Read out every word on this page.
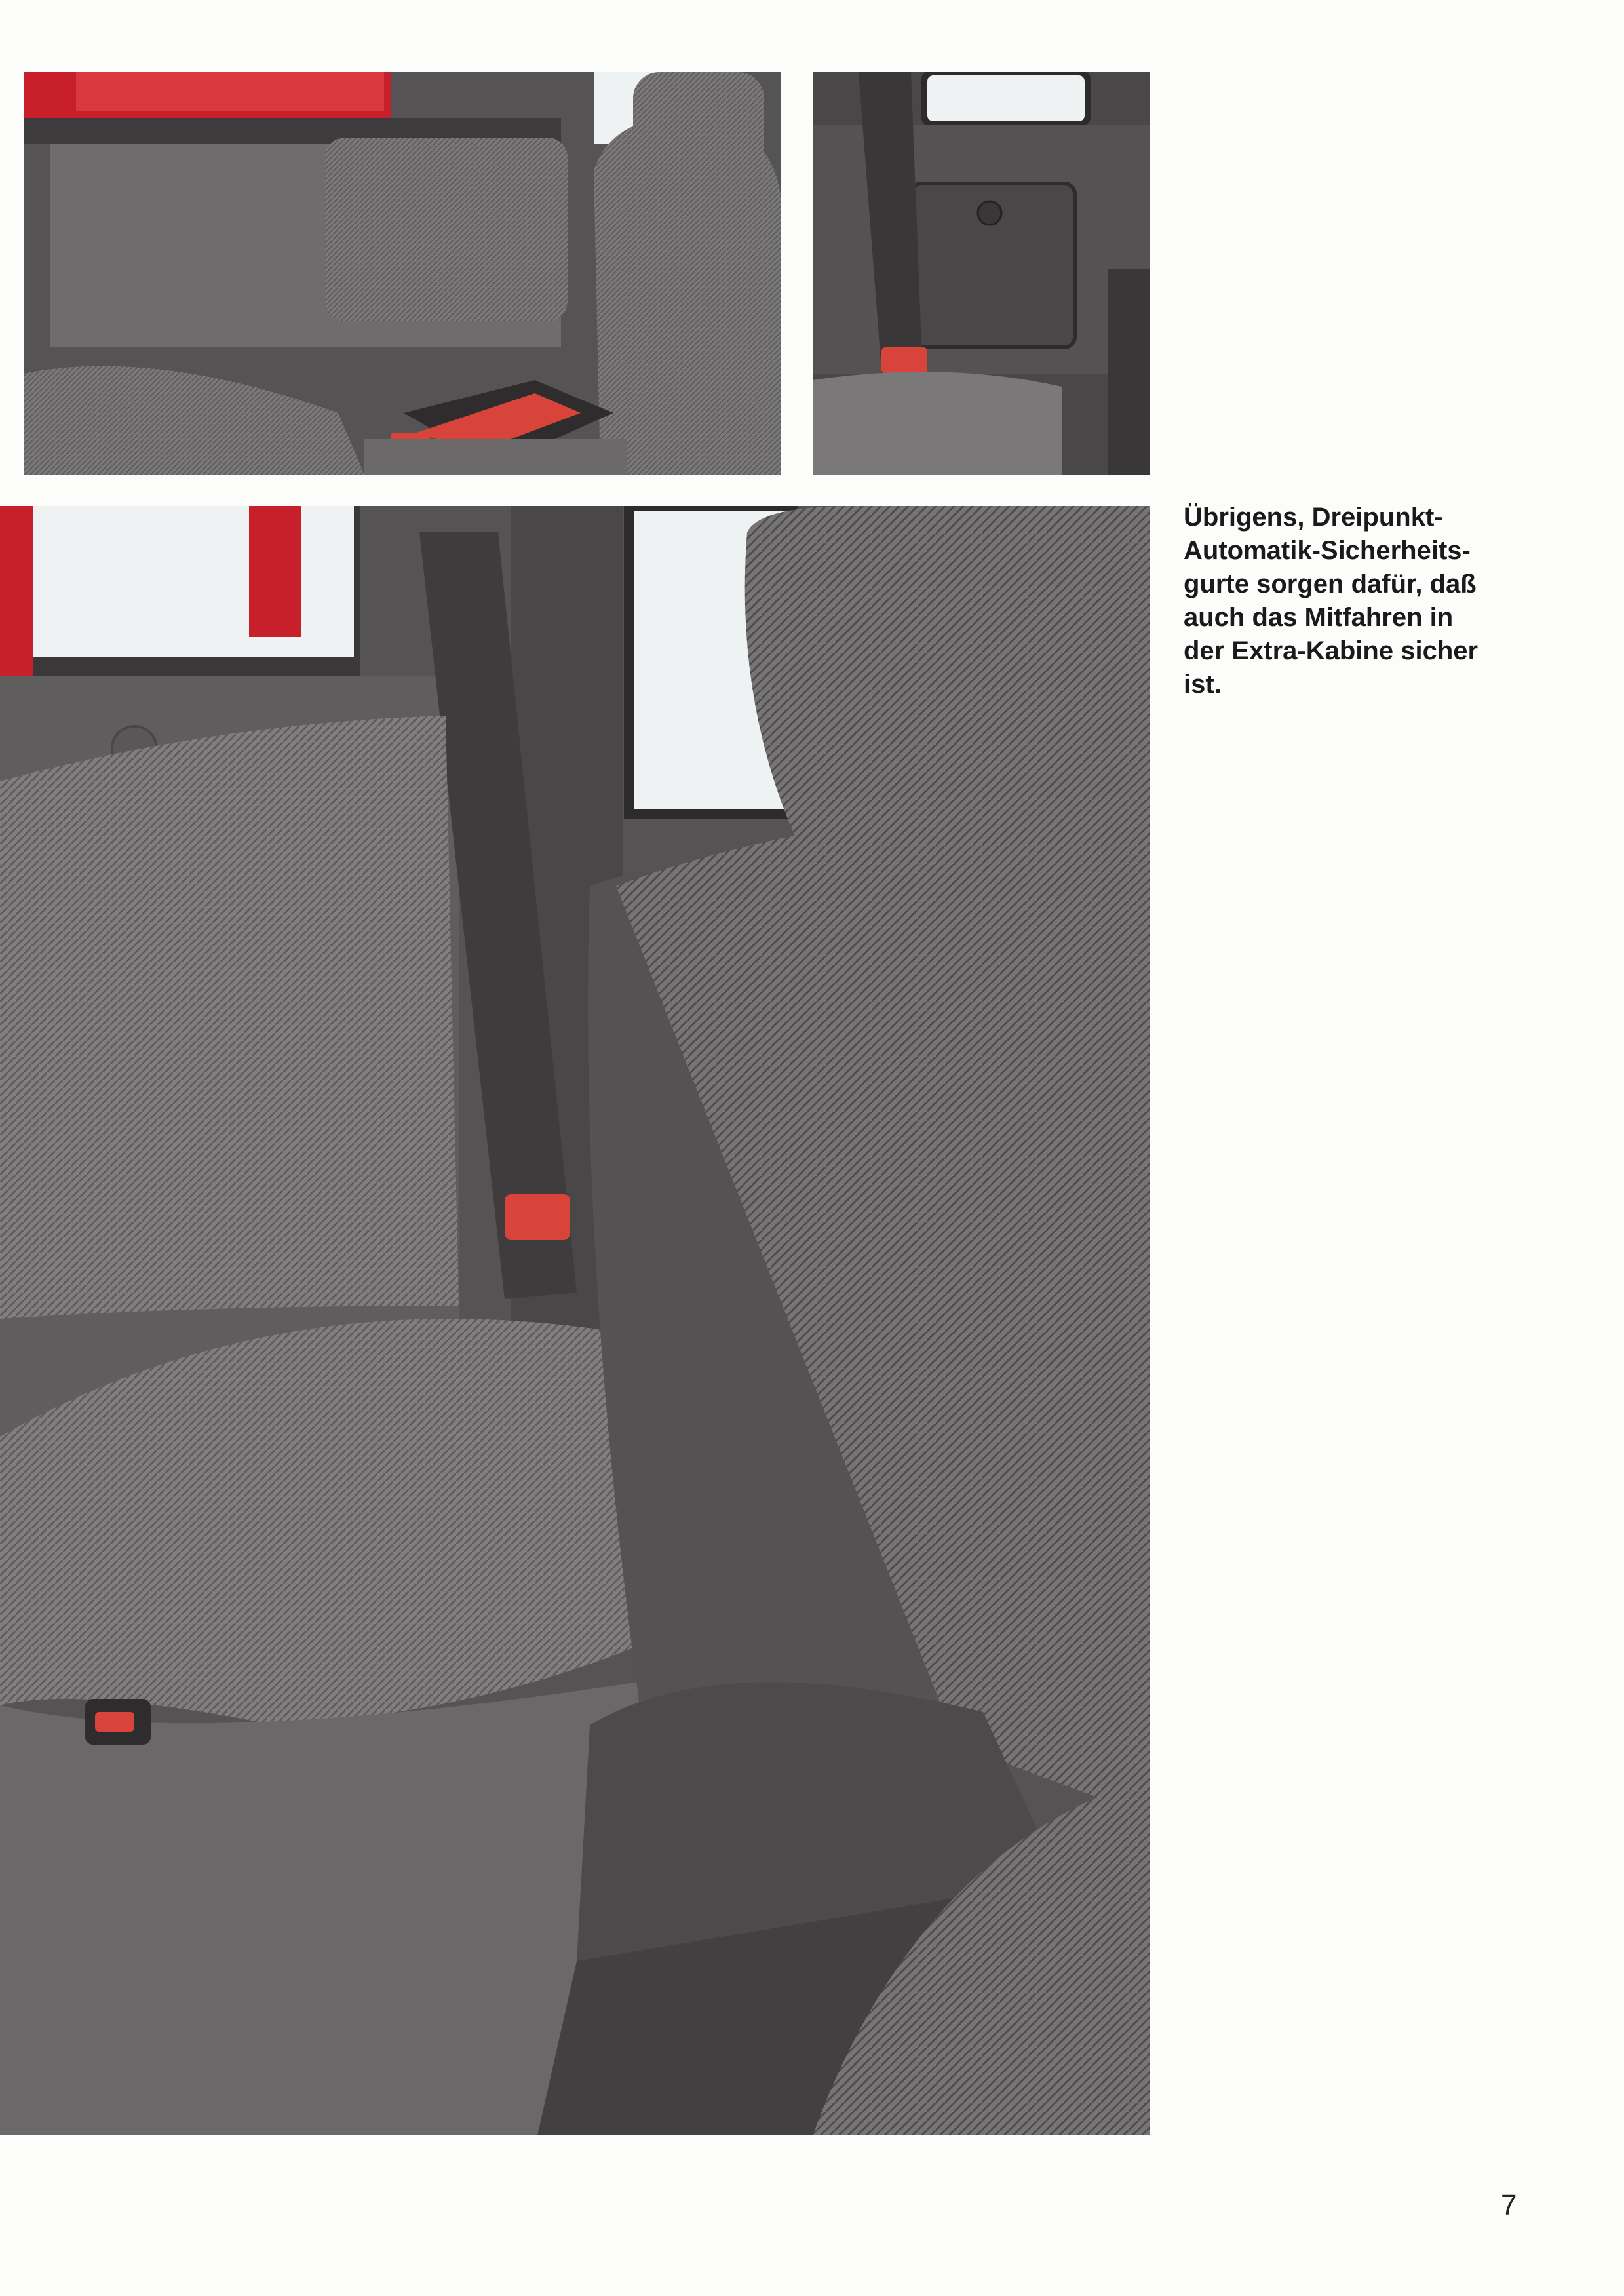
Übrigens, Dreipunkt-
Automatik-Sicherheits-
gurte sorgen dafür, daß
auch das Mitfahren in
der Extra-Kabine sicher
ist.

7
